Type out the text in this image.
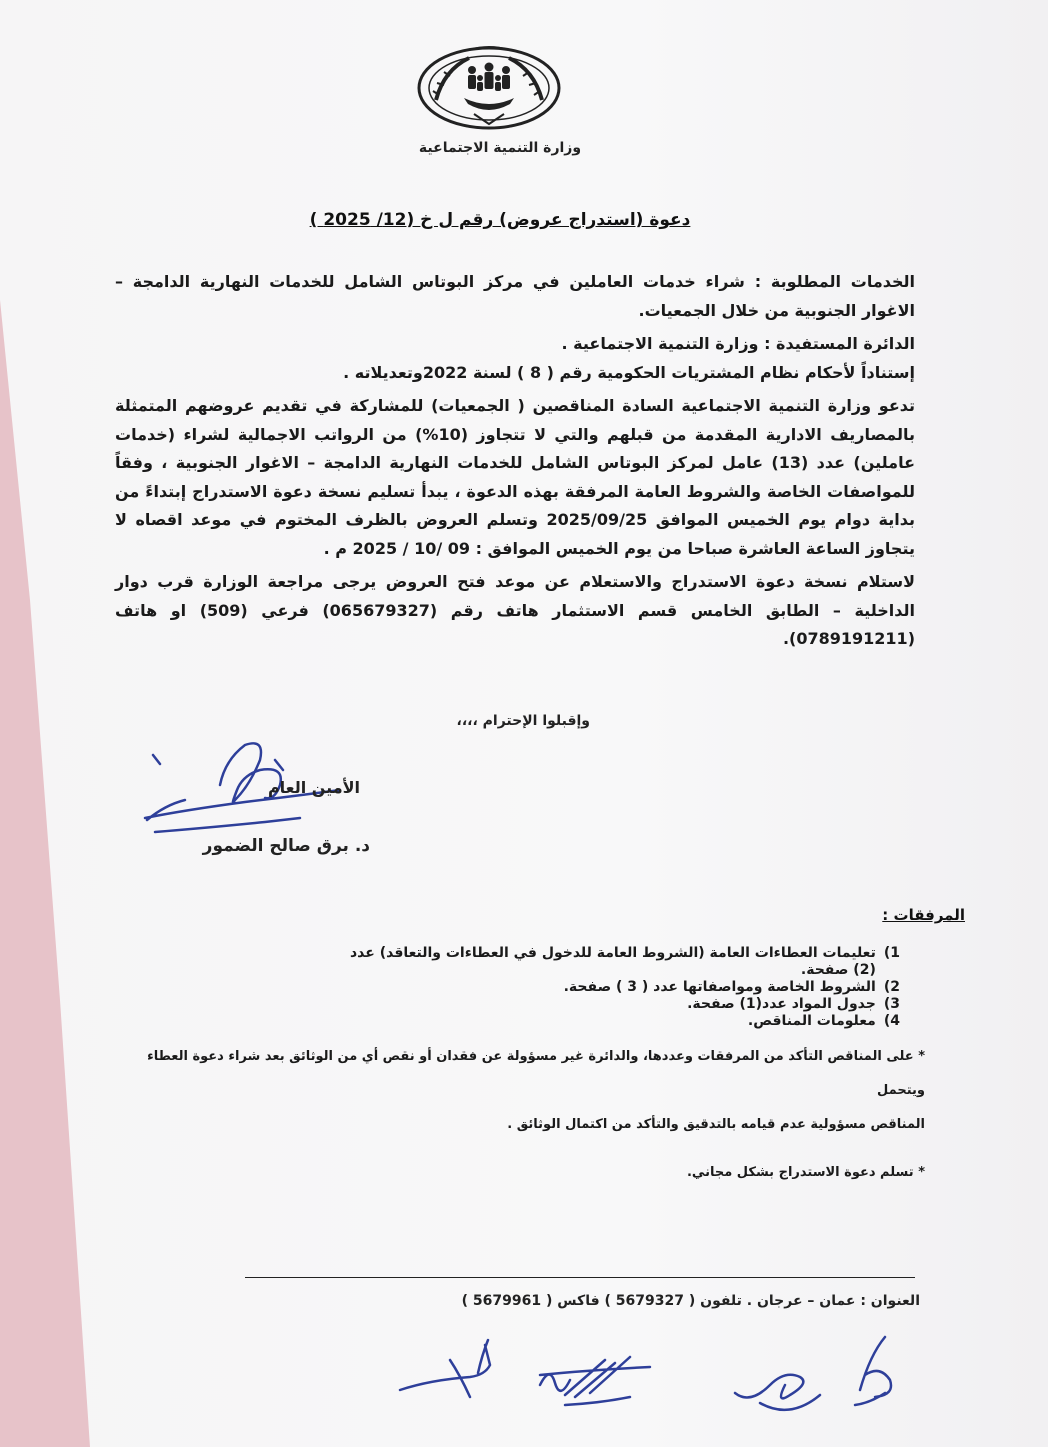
وزارة التنمية الاجتماعية
دعوة (استدراج عروض) رقم ل خ (12/ 2025 )

الخدمات المطلوبة : شراء خدمات العاملين في مركز البوتاس الشامل للخدمات النهارية الدامجة – الاغوار الجنوبية من خلال الجمعيات.

الدائرة المستفيدة : وزارة التنمية الاجتماعية .

إستناداً لأحكام نظام المشتريات الحكومية رقم ( 8 ) لسنة 2022وتعديلاته .

تدعو وزارة التنمية الاجتماعية السادة المناقصين ( الجمعيات) للمشاركة في تقديم عروضهم المتمثلة بالمصاريف الادارية المقدمة من قبلهم والتي لا تتجاوز (10%) من الرواتب الاجمالية لشراء (خدمات عاملين) عدد (13) عامل لمركز البوتاس الشامل للخدمات النهارية الدامجة – الاغوار الجنوبية ، وفقاً للمواصفات الخاصة والشروط العامة المرفقة بهذه الدعوة ، يبدأ تسليم نسخة دعوة الاستدراج إبتداءً من بداية دوام يوم الخميس الموافق 2025/09/25 وتسلم العروض بالظرف المختوم في موعد اقصاه لا يتجاوز الساعة العاشرة صباحا من يوم الخميس الموافق : 09 /10 / 2025 م .

لاستلام نسخة دعوة الاستدراج والاستعلام عن موعد فتح العروض يرجى مراجعة الوزارة قرب دوار الداخلية – الطابق الخامس قسم الاستثمار هاتف رقم (065679327) فرعي (509) او هاتف (0789191211).

وإقبلوا الإحترام ،،،،
الأمين العام
د. برق صالح الضمور
المرفقات :
1)
تعليمات العطاءات العامة (الشروط العامة للدخول في العطاءات والتعاقد) عدد (2) صفحة.
2)
الشروط الخاصة ومواصفاتها عدد ( 3 ) صفحة.
3)
جدول المواد عدد(1) صفحة.
4)
معلومات المناقص.

* على المناقص التأكد من المرفقات وعددها، والدائرة غير مسؤولة عن فقدان أو نقص أي من الوثائق بعد شراء دعوة العطاء ويتحمل

المناقص مسؤولية عدم قيامه بالتدقيق والتأكد من اكتمال الوثائق .

* تسلم دعوة الاستدراج بشكل مجاني.

العنوان : عمان – عرجان . تلفون ( 5679327 ) فاكس ( 5679961 )
